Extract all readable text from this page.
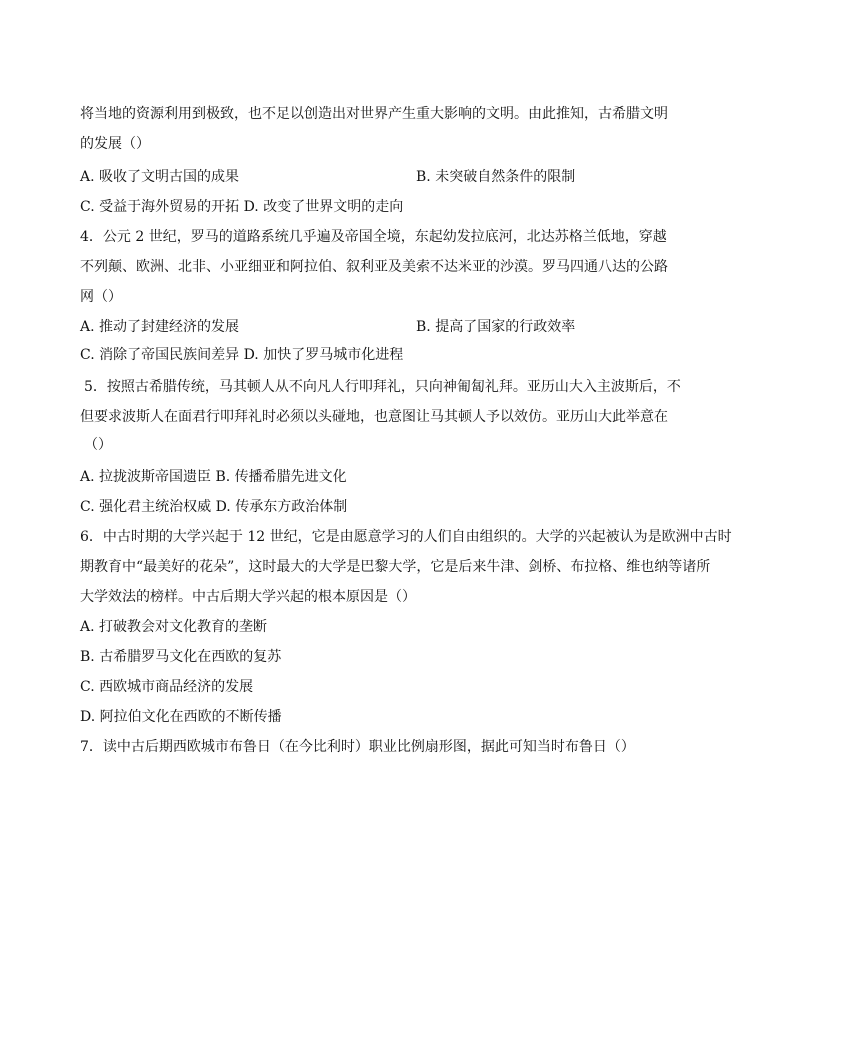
将当地的资源利用到极致，也不足以创造出对世界产生重大影响的文明。由此推知，古希腊文明
的发展（）
A. 吸收了文明古国的成果	B. 未突破自然条件的限制
C. 受益于海外贸易的开拓 D. 改变了世界文明的走向
4．公元 2 世纪，罗马的道路系统几乎遍及帝国全境，东起幼发拉底河，北达苏格兰低地，穿越
不列颠、欧洲、北非、小亚细亚和阿拉伯、叙利亚及美索不达米亚的沙漠。罗马四通八达的公路
网（）
A. 推动了封建经济的发展	B. 提高了国家的行政效率
C. 消除了帝国民族间差异 D. 加快了罗马城市化进程
5．按照古希腊传统，马其顿人从不向凡人行叩拜礼，只向神匍匐礼拜。亚历山大入主波斯后，不
但要求波斯人在面君行叩拜礼时必须以头碰地，也意图让马其顿人予以效仿。亚历山大此举意在
（）
A. 拉拢波斯帝国遗臣 B. 传播希腊先进文化
C. 强化君主统治权威 D. 传承东方政治体制
6．中古时期的大学兴起于 12 世纪，它是由愿意学习的人们自由组织的。大学的兴起被认为是欧洲中古时
期教育中“最美好的花朵”，这时最大的大学是巴黎大学，它是后来牛津、剑桥、布拉格、维也纳等诸所
大学效法的榜样。中古后期大学兴起的根本原因是（）
A. 打破教会对文化教育的垄断
B. 古希腊罗马文化在西欧的复苏
C. 西欧城市商品经济的发展
D. 阿拉伯文化在西欧的不断传播
7．读中古后期西欧城市布鲁日（在今比利时）职业比例扇形图，据此可知当时布鲁日（）
